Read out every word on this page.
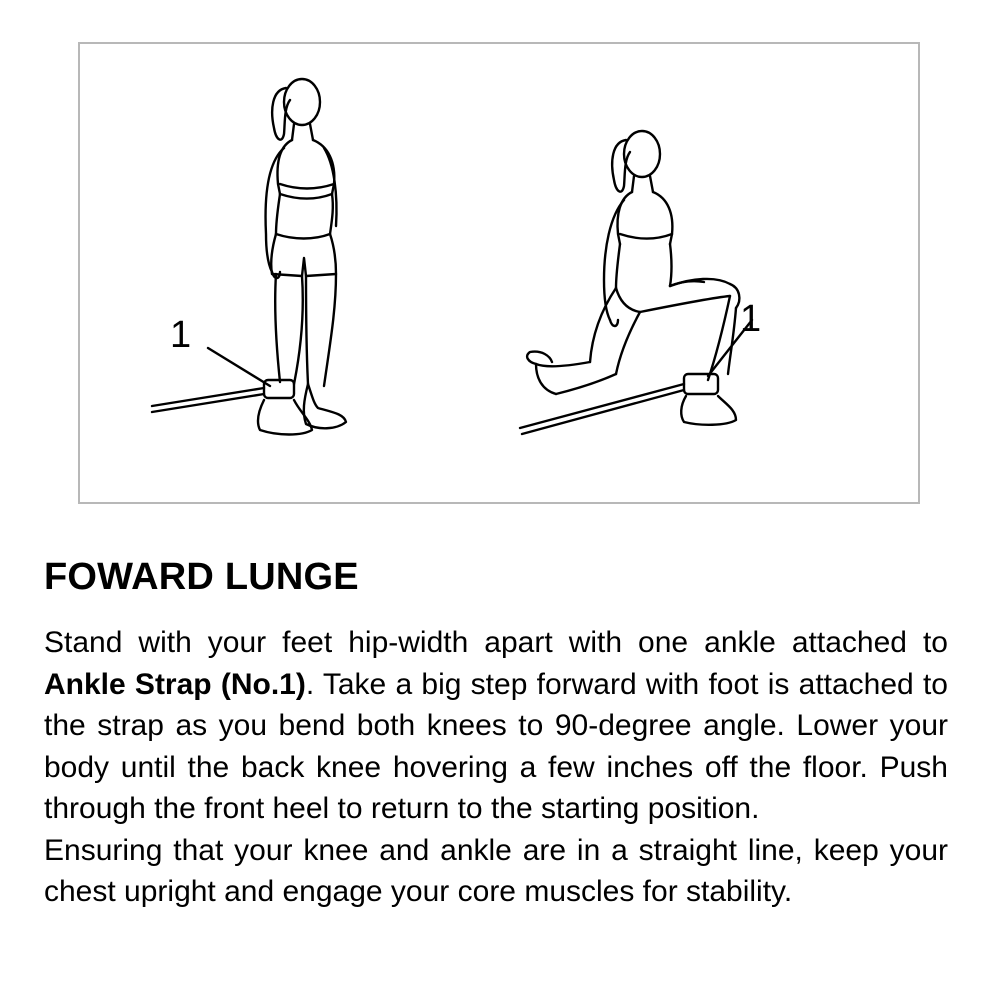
1	1
FOWARD LUNGE

Stand with your feet hip-width apart with one ankle attached to Ankle Strap (No.1). Take a big step forward with foot is attached to the strap as you bend both knees to 90-degree angle. Lower your body until the back knee hovering a few inches off the floor. Push through the front heel to return to the starting position.

Ensuring that your knee and ankle are in a straight line, keep your chest upright and engage your core muscles for stability.
